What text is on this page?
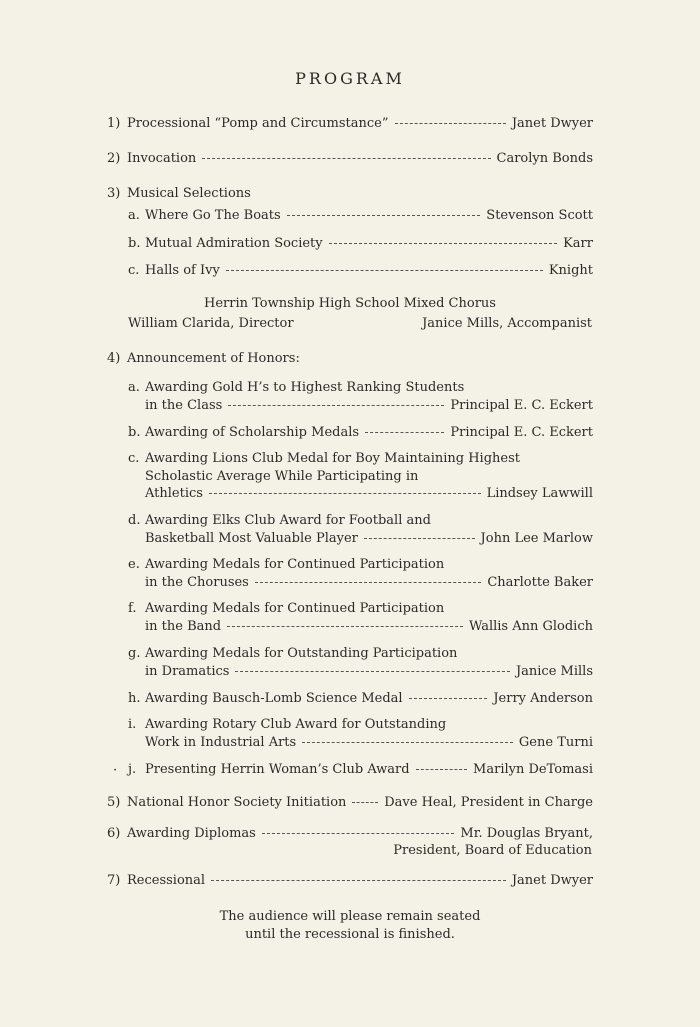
PROGRAM
1) Processional “Pomp and Circumstance”	Janet Dwyer
2) Invocation	Carolyn Bonds
3) Musical Selections
a. Where Go The Boats	Stevenson Scott
b. Mutual Admiration Society	Karr
c. Halls of Ivy	Knight
Herrin Township High School Mixed Chorus
William Clarida, Director	Janice Mills, Accompanist
4) Announcement of Honors:
a. Awarding Gold H’s to Highest Ranking Students
in the Class	Principal E. C. Eckert
b. Awarding of Scholarship Medals	Principal E. C. Eckert
c. Awarding Lions Club Medal for Boy Maintaining Highest
Scholastic Average While Participating in
Athletics	Lindsey Lawwill
d. Awarding Elks Club Award for Football and
Basketball Most Valuable Player	John Lee Marlow
e. Awarding Medals for Continued Participation
in the Choruses	Charlotte Baker
f. Awarding Medals for Continued Participation
in the Band	Wallis Ann Glodich
g. Awarding Medals for Outstanding Participation
in Dramatics	Janice Mills
h. Awarding Bausch-Lomb Science Medal	Jerry Anderson
i. Awarding Rotary Club Award for Outstanding
Work in Industrial Arts	Gene Turni
· j. Presenting Herrin Woman’s Club Award	Marilyn DeTomasi
5) National Honor Society Initiation	Dave Heal, President in Charge
6) Awarding Diplomas	Mr. Douglas Bryant,
President, Board of Education
7) Recessional	Janet Dwyer
The audience will please remain seated
until the recessional is finished.
